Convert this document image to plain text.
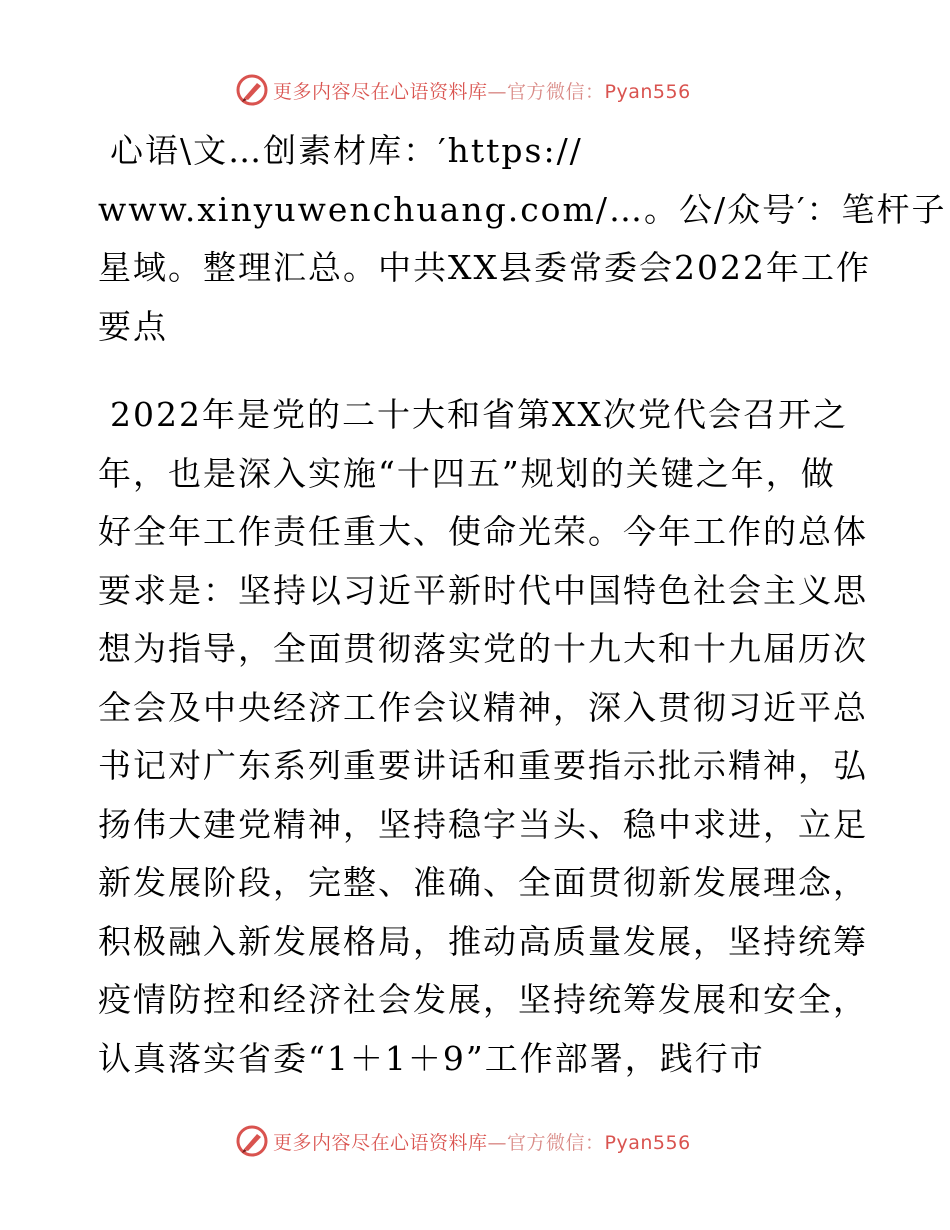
更多内容尽在心语资料库—官方微信：Pyan556
心语\文…创素材库：′https://
www.xinyuwenchuang.com/…。公/众号′：笔杆子
星域。整理汇总。中共XX县委常委会2022年工作
要点
2022年是党的二十大和省第XX次党代会召开之
年，也是深入实施“十四五”规划的关键之年，做
好全年工作责任重大、使命光荣。今年工作的总体
要求是：坚持以习近平新时代中国特色社会主义思
想为指导，全面贯彻落实党的十九大和十九届历次
全会及中央经济工作会议精神，深入贯彻习近平总
书记对广东系列重要讲话和重要指示批示精神，弘
扬伟大建党精神，坚持稳字当头、稳中求进，立足
新发展阶段，完整、准确、全面贯彻新发展理念，
积极融入新发展格局，推动高质量发展，坚持统筹
疫情防控和经济社会发展，坚持统筹发展和安全，
认真落实省委“1＋1＋9”工作部署，践行市
更多内容尽在心语资料库—官方微信：Pyan556
